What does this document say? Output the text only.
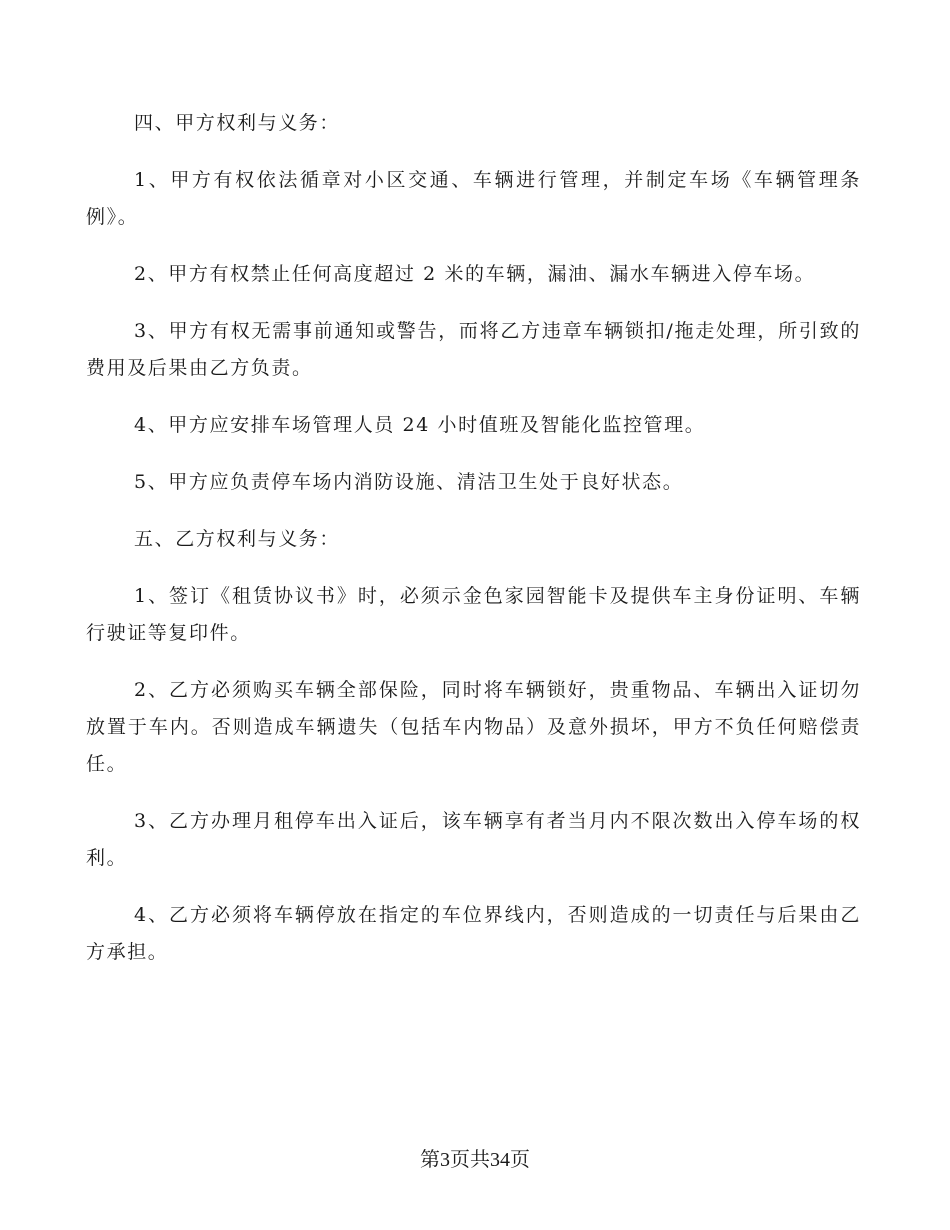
四、甲方权利与义务：

1、甲方有权依法循章对小区交通、车辆进行管理，并制定车场《车辆管理条例》。

2、甲方有权禁止任何高度超过 2 米的车辆，漏油、漏水车辆进入停车场。

3、甲方有权无需事前通知或警告，而将乙方违章车辆锁扣/拖走处理，所引致的费用及后果由乙方负责。

4、甲方应安排车场管理人员 24 小时值班及智能化监控管理。

5、甲方应负责停车场内消防设施、清洁卫生处于良好状态。

五、乙方权利与义务：

1、签订《租赁协议书》时，必须示金色家园智能卡及提供车主身份证明、车辆行驶证等复印件。

2、乙方必须购买车辆全部保险，同时将车辆锁好，贵重物品、车辆出入证切勿放置于车内。否则造成车辆遗失（包括车内物品）及意外损坏，甲方不负任何赔偿责任。

3、乙方办理月租停车出入证后，该车辆享有者当月内不限次数出入停车场的权利。

4、乙方必须将车辆停放在指定的车位界线内，否则造成的一切责任与后果由乙方承担。

第3页共34页
